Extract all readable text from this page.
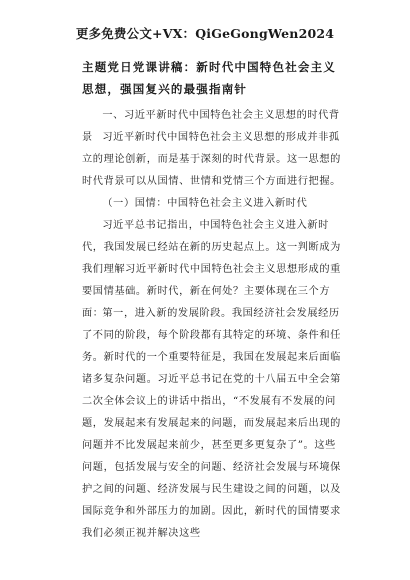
更多免费公文+VX：QiGeGongWen2024
主题党日党课讲稿：新时代中国特色社会主义思想，强国复兴的最强指南针

一、习近平新时代中国特色社会主义思想的时代背景 习近平新时代中国特色社会主义思想的形成并非孤立的理论创新，而是基于深刻的时代背景。这一思想的时代背景可以从国情、世情和党情三个方面进行把握。

（一）国情：中国特色社会主义进入新时代

习近平总书记指出，中国特色社会主义进入新时代，我国发展已经站在新的历史起点上。这一判断成为我们理解习近平新时代中国特色社会主义思想形成的重要国情基础。新时代，新在何处？主要体现在三个方面：

第一，进入新的发展阶段。我国经济社会发展经历了不同的阶段，每个阶段都有其特定的环境、条件和任务。新时代的一个重要特征是，我国在发展起来后面临诸多复杂问题。习近平总书记在党的十八届五中全会第二次全体会议上的讲话中指出，“不发展有不发展的问题，发展起来有发展起来的问题，而发展起来后出现的问题并不比发展起来前少，甚至更多更复杂了”。这些问题，包括发展与安全的问题、经济社会发展与环境保护之间的问题、经济发展与民生建设之间的问题，以及国际竞争和外部压力的加剧。因此，新时代的国情要求我们必须正视并解决这些
